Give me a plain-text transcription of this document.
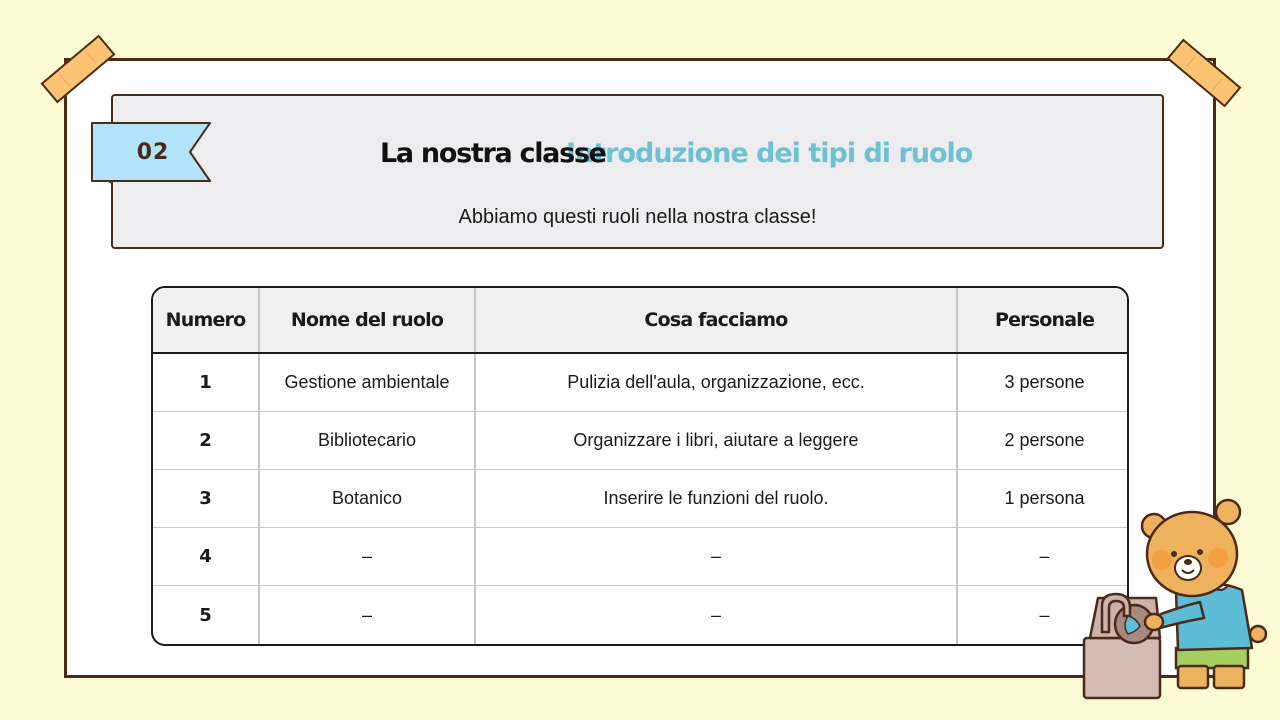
02	Introduzione dei tipi di ruolo
La nostra classe
Abbiamo questi ruoli nella nostra classe!
Numero	Nome del ruolo	Cosa facciamo	Personale
1	Gestione ambientale	Pulizia dell'aula, organizzazione, ecc.	3 persone
2	Bibliotecario	Organizzare i libri, aiutare a leggere	2 persone
3	Botanico	Inserire le funzioni del ruolo.	1 persona
4	–	–	–
5	–	–	–
